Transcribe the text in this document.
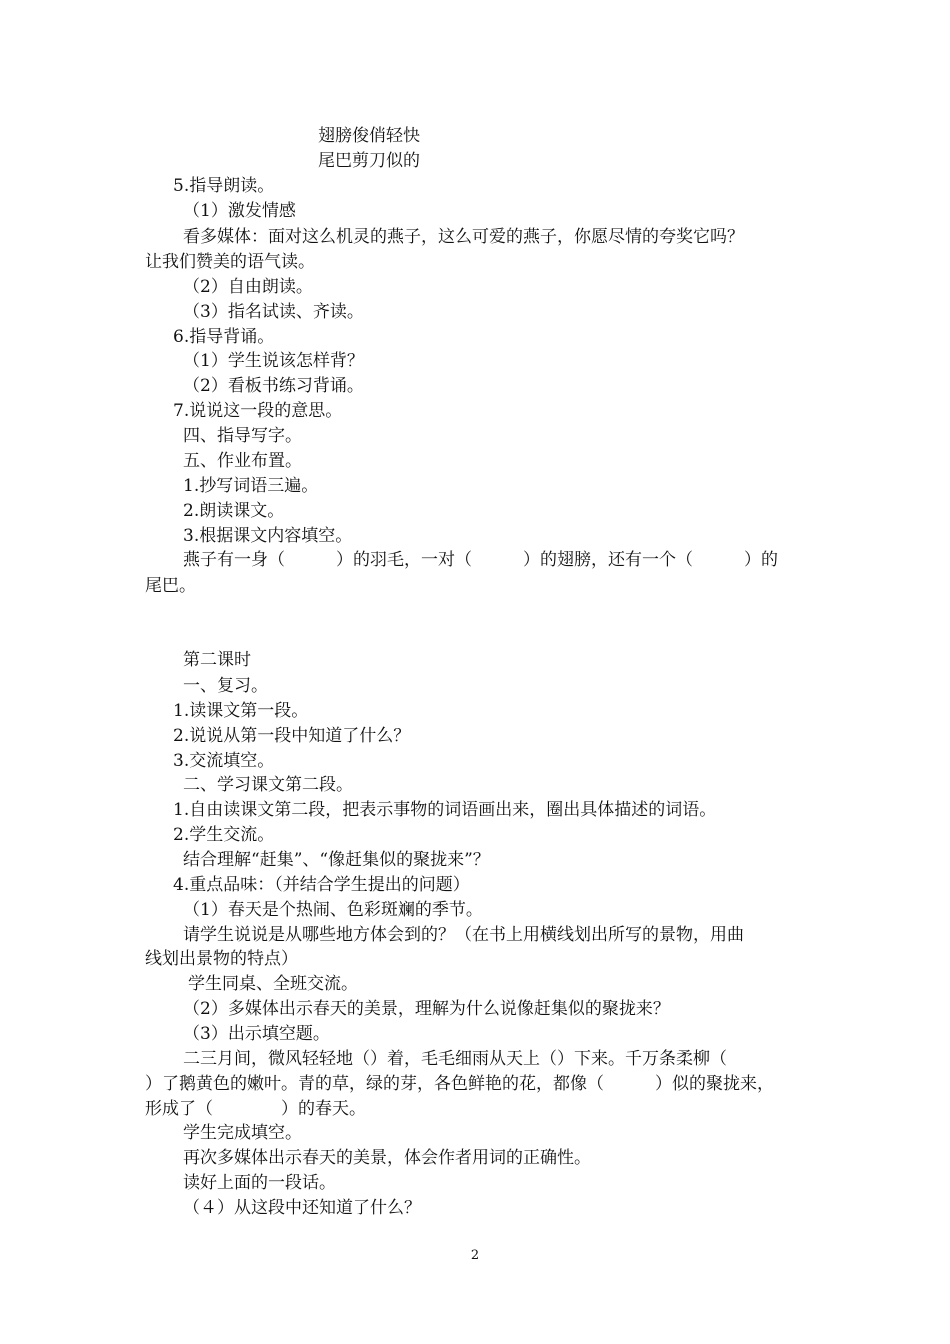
翅膀俊俏轻快
尾巴剪刀似的
5.指导朗读。
（1）激发情感
看多媒体：面对这么机灵的燕子，这么可爱的燕子，你愿尽情的夸奖它吗？
让我们赞美的语气读。
（2）自由朗读。
（3）指名试读、齐读。
6.指导背诵。
（1）学生说该怎样背？
（2）看板书练习背诵。
7.说说这一段的意思。
四、指导写字。
五、作业布置。
1.抄写词语三遍。
2.朗读课文。
3.根据课文内容填空。
燕子有一身（　　　）的羽毛，一对（　　　）的翅膀，还有一个（　　　）的
尾巴。
第二课时
一、复习。
1.读课文第一段。
2.说说从第一段中知道了什么？
3.交流填空。
二、学习课文第二段。
1.自由读课文第二段，把表示事物的词语画出来，圈出具体描述的词语。
2.学生交流。
结合理解“赶集”、“像赶集似的聚拢来”？
4.重点品味：（并结合学生提出的问题）
（1）春天是个热闹、色彩斑斓的季节。
请学生说说是从哪些地方体会到的？（在书上用横线划出所写的景物，用曲
线划出景物的特点）
学生同桌、全班交流。
（2）多媒体出示春天的美景，理解为什么说像赶集似的聚拢来？
（3）出示填空题。
二三月间，微风轻轻地（）着，毛毛细雨从天上（）下来。千万条柔柳（
）了鹅黄色的嫩叶。青的草，绿的芽，各色鲜艳的花，都像（　　　）似的聚拢来，
形成了（　　　　）的春天。
学生完成填空。
再次多媒体出示春天的美景，体会作者用词的正确性。
读好上面的一段话。
（４）从这段中还知道了什么？
2
